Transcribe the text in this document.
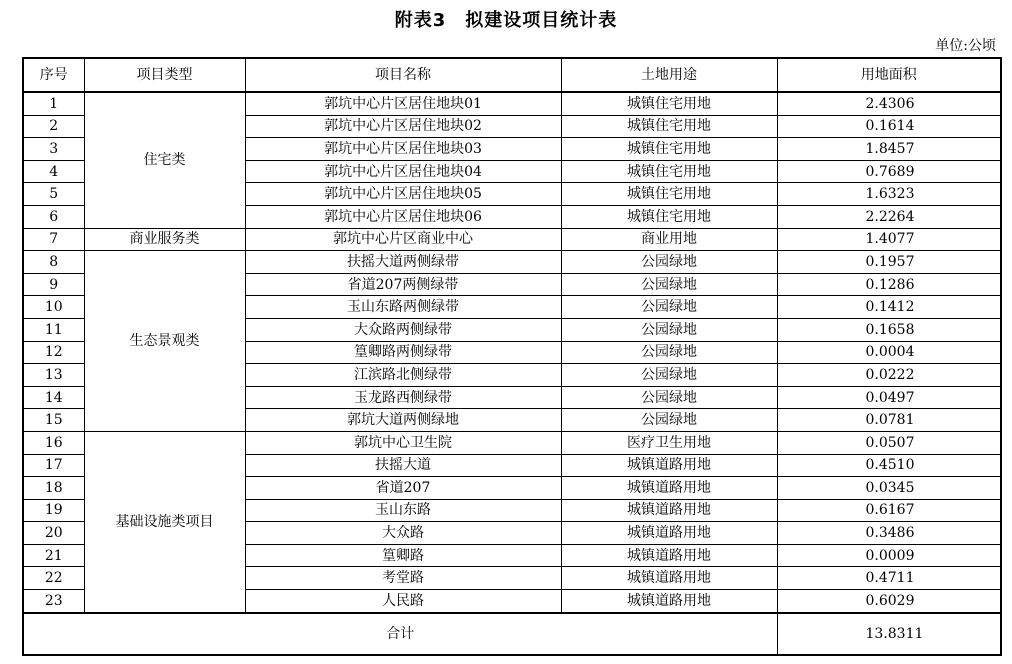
附表3　拟建设项目统计表
单位:公顷
序号	项目类型	项目名称	土地用途	用地面积
1	住宅类	郭坑中心片区居住地块01	城镇住宅用地	2.4306
2		郭坑中心片区居住地块02	城镇住宅用地	0.1614
3		郭坑中心片区居住地块03	城镇住宅用地	1.8457
4		郭坑中心片区居住地块04	城镇住宅用地	0.7689
5		郭坑中心片区居住地块05	城镇住宅用地	1.6323
6		郭坑中心片区居住地块06	城镇住宅用地	2.2264
7	商业服务类	郭坑中心片区商业中心	商业用地	1.4077
8	生态景观类	扶摇大道两侧绿带	公园绿地	0.1957
9		省道207两侧绿带	公园绿地	0.1286
10		玉山东路两侧绿带	公园绿地	0.1412
11		大众路两侧绿带	公园绿地	0.1658
12		篁卿路两侧绿带	公园绿地	0.0004
13		江滨路北侧绿带	公园绿地	0.0222
14		玉龙路西侧绿带	公园绿地	0.0497
15		郭坑大道两侧绿地	公园绿地	0.0781
16	基础设施类项目	郭坑中心卫生院	医疗卫生用地	0.0507
17		扶摇大道	城镇道路用地	0.4510
18		省道207	城镇道路用地	0.0345
19		玉山东路	城镇道路用地	0.6167
20		大众路	城镇道路用地	0.3486
21		篁卿路	城镇道路用地	0.0009
22		考堂路	城镇道路用地	0.4711
23		人民路	城镇道路用地	0.6029
合计				13.8311
